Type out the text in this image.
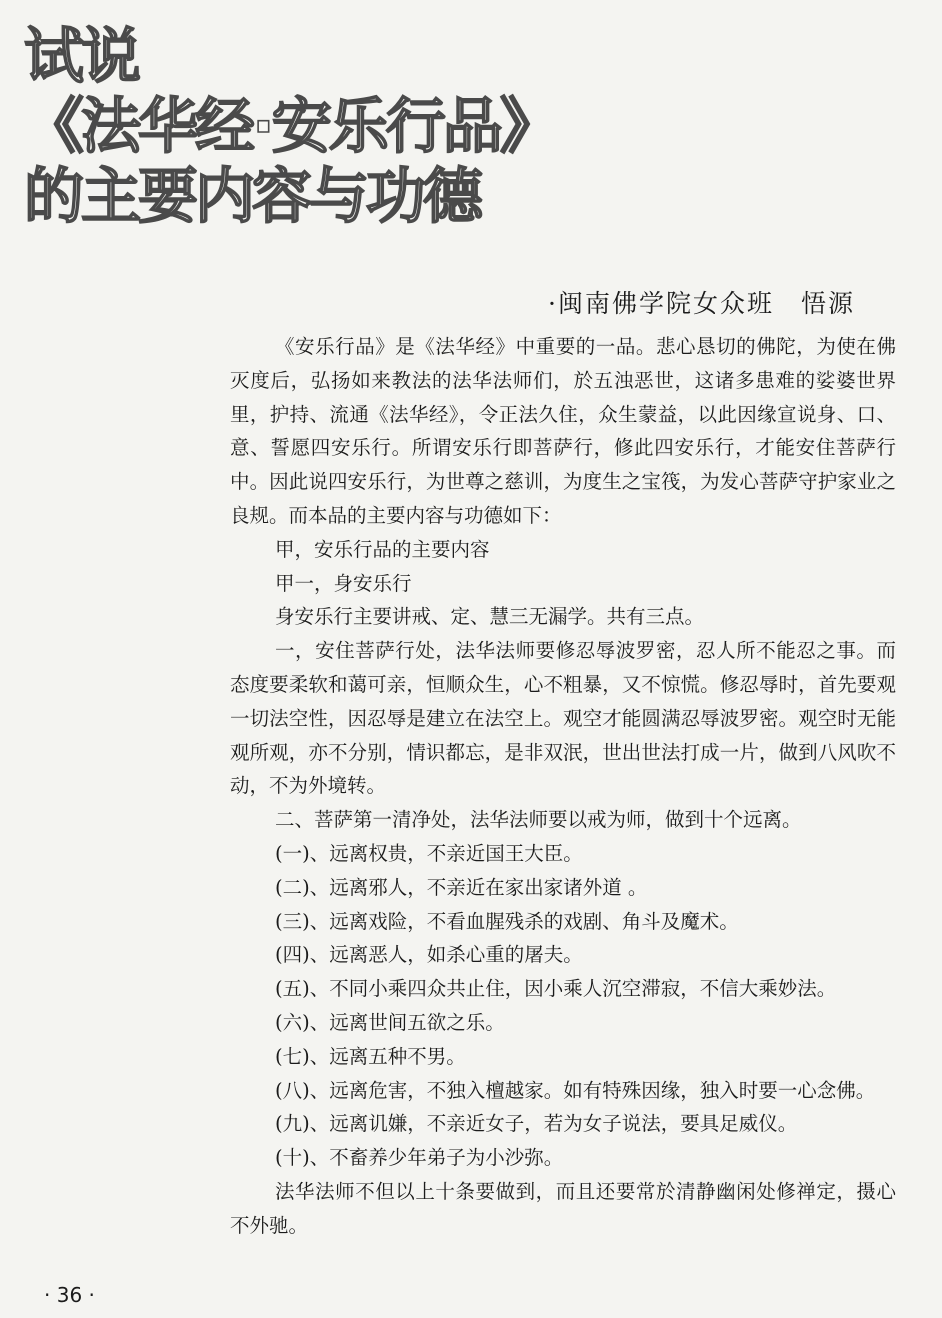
试说
《法华经·安乐行品》
的主要内容与功德
·闽南佛学院女众班　悟源

《安乐行品》是《法华经》中重要的一品。悲心恳切的佛陀，为使在佛灭度后，弘扬如来教法的法华法师们，於五浊恶世，这诸多患难的娑婆世界里，护持、流通《法华经》，令正法久住，众生蒙益，以此因缘宣说身、口、意、誓愿四安乐行。所谓安乐行即菩萨行，修此四安乐行，才能安住菩萨行中。因此说四安乐行，为世尊之慈训，为度生之宝筏，为发心菩萨守护家业之良规。而本品的主要内容与功德如下：

甲，安乐行品的主要内容

甲一，身安乐行

身安乐行主要讲戒、定、慧三无漏学。共有三点。

一，安住菩萨行处，法华法师要修忍辱波罗密，忍人所不能忍之事。而态度要柔软和蔼可亲，恒顺众生，心不粗暴，又不惊慌。修忍辱时，首先要观一切法空性，因忍辱是建立在法空上。观空才能圆满忍辱波罗密。观空时无能观所观，亦不分别，情识都忘，是非双泯，世出世法打成一片，做到八风吹不动，不为外境转。

二、菩萨第一清净处，法华法师要以戒为师，做到十个远离。

(一)、远离权贵，不亲近国王大臣。

(二)、远离邪人，不亲近在家出家诸外道 。

(三)、远离戏险，不看血腥残杀的戏剧、角斗及魔术。

(四)、远离恶人，如杀心重的屠夫。

(五)、不同小乘四众共止住，因小乘人沉空滞寂，不信大乘妙法。

(六)、远离世间五欲之乐。

(七)、远离五种不男。

(八)、远离危害，不独入檀越家。如有特殊因缘，独入时要一心念佛。

(九)、远离讥嫌，不亲近女子，若为女子说法，要具足威仪。

(十)、不畜养少年弟子为小沙弥。

法华法师不但以上十条要做到，而且还要常於清静幽闲处修禅定，摄心不外驰。

· 36 ·
